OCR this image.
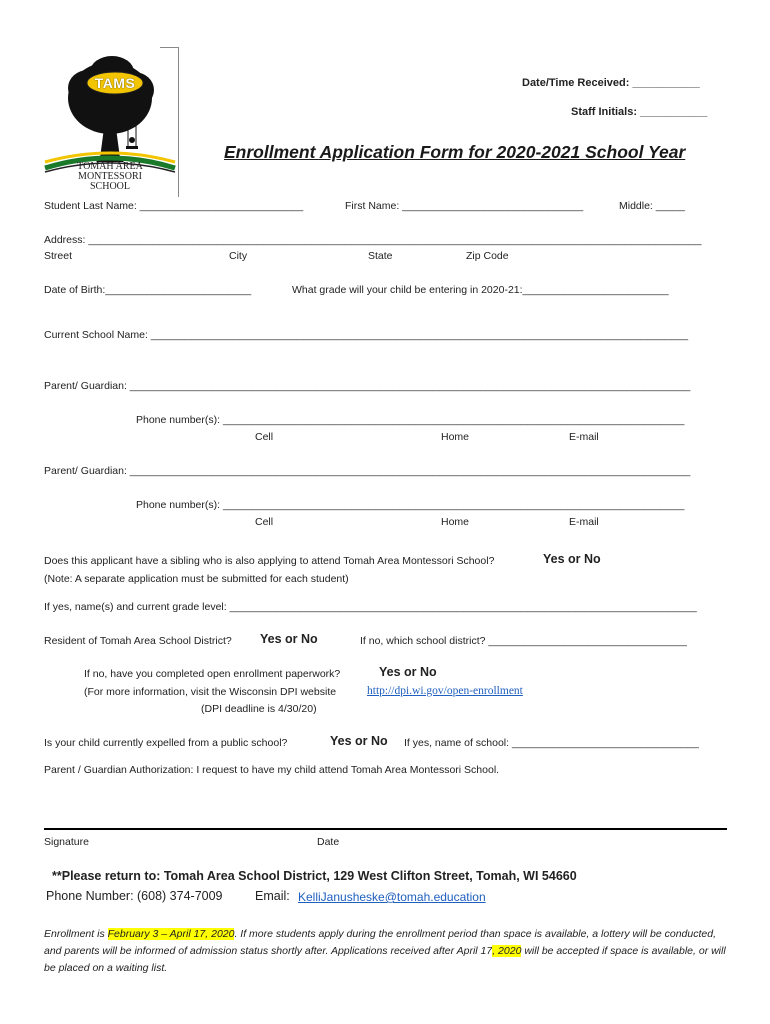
TAMS
TOMAH AREA
MONTESSORI
SCHOOL
Date/Time Received: ___________
Staff Initials: ___________
Enrollment Application Form for 2020-2021 School Year
Student Last Name: ____________________________	First Name: _______________________________	Middle: _____
Address: _________________________________________________________________________________________________________
Street	City	State	Zip Code
Date of Birth:_________________________	What grade will your child be entering in 2020-21:_________________________
Current School Name: ____________________________________________________________________________________________
Parent/ Guardian: ________________________________________________________________________________________________
Phone number(s): _______________________________________________________________________________
Cell	Home	E-mail
Parent/ Guardian: ________________________________________________________________________________________________
Phone number(s): _______________________________________________________________________________
Cell	Home	E-mail
Does this applicant have a sibling who is also applying to attend Tomah Area Montessori School?	Yes or No
(Note: A separate application must be submitted for each student)
If yes, name(s) and current grade level: ________________________________________________________________________________
Resident of Tomah Area School District? Yes or No	If no, which school district? __________________________________
If no, have you completed open enrollment paperwork?	Yes or No
(For more information, visit the Wisconsin DPI website	http://dpi.wi.gov/open-enrollment
(DPI deadline is 4/30/20)
Is your child currently expelled from a public school?	Yes or No If yes, name of school: ________________________________
Parent / Guardian Authorization: I request to have my child attend Tomah Area Montessori School.
Signature	Date
**Please return to: Tomah Area School District, 129 West Clifton Street, Tomah, WI 54660
Phone Number: (608) 374-7009	Email: KelliJanusheske@tomah.education
Enrollment is February 3 – April 17, 2020. If more students apply during the enrollment period than space is available, a lottery will be conducted, and parents will be informed of admission status shortly after. Applications received after April 17, 2020 will be accepted if space is available, or will be placed on a waiting list.
